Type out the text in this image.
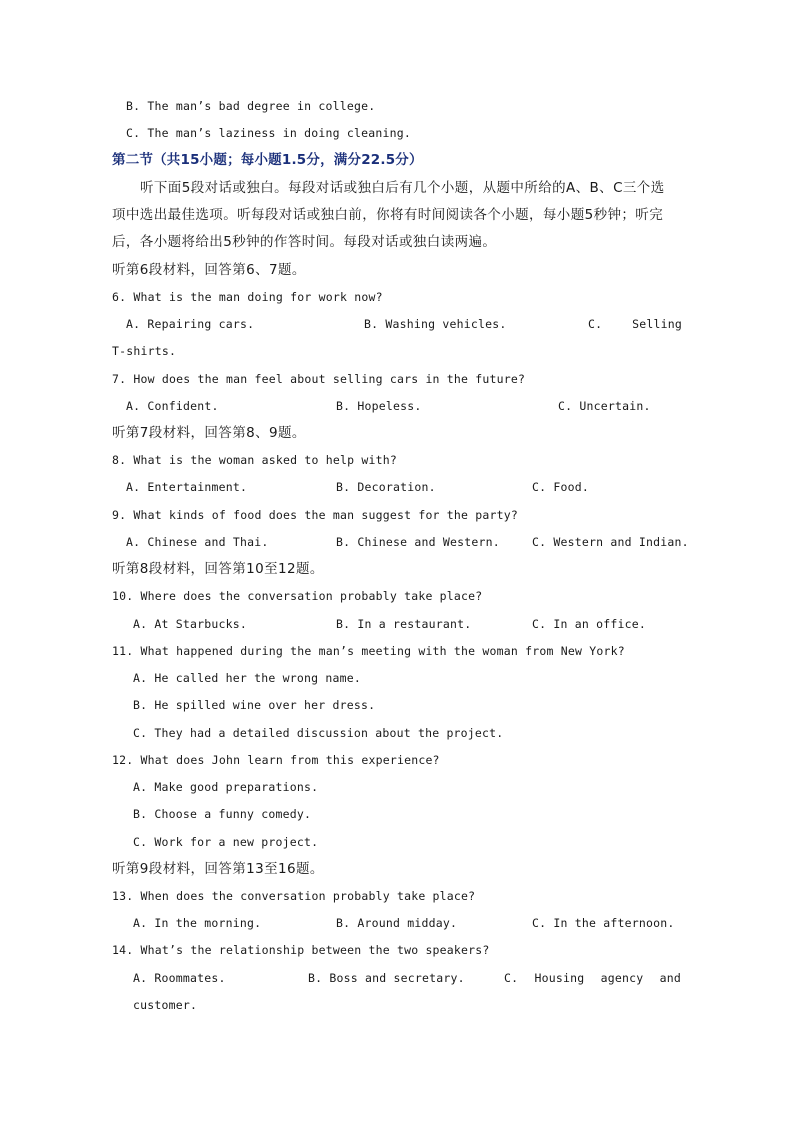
B. The man’s bad degree in college.
C. The man’s laziness in doing cleaning.
第二节（共15小题；每小题1.5分，满分22.5分）
听下面5段对话或独白。每段对话或独白后有几个小题，从题中所给的A、B、C三个选
项中选出最佳选项。听每段对话或独白前，你将有时间阅读各个小题，每小题5秒钟；听完
后，各小题将给出5秒钟的作答时间。每段对话或独白读两遍。
听第6段材料，回答第6、7题。
6. What is the man doing for work now?
A. Repairing cars.	B. Washing vehicles.	C.	Selling
T-shirts.
7. How does the man feel about selling cars in the future?
A. Confident.	B. Hopeless.	C. Uncertain.
听第7段材料，回答第8、9题。
8. What is the woman asked to help with?
A. Entertainment.	B. Decoration.	C. Food.
9. What kinds of food does the man suggest for the party?
A. Chinese and Thai.	B. Chinese and Western.	C. Western and Indian.
听第8段材料，回答第10至12题。
10. Where does the conversation probably take place?
A. At Starbucks.	B. In a restaurant.	C. In an office.
11. What happened during the man’s meeting with the woman from New York?
A. He called her the wrong name.
B. He spilled wine over her dress.
C. They had a detailed discussion about the project.
12. What does John learn from this experience?
A. Make good preparations.
B. Choose a funny comedy.
C. Work for a new project.
听第9段材料，回答第13至16题。
13. When does the conversation probably take place?
A. In the morning.	B. Around midday.	C. In the afternoon.
14. What’s the relationship between the two speakers?
A. Roommates.	B. Boss and secretary.	C. Housing agency and
customer.
